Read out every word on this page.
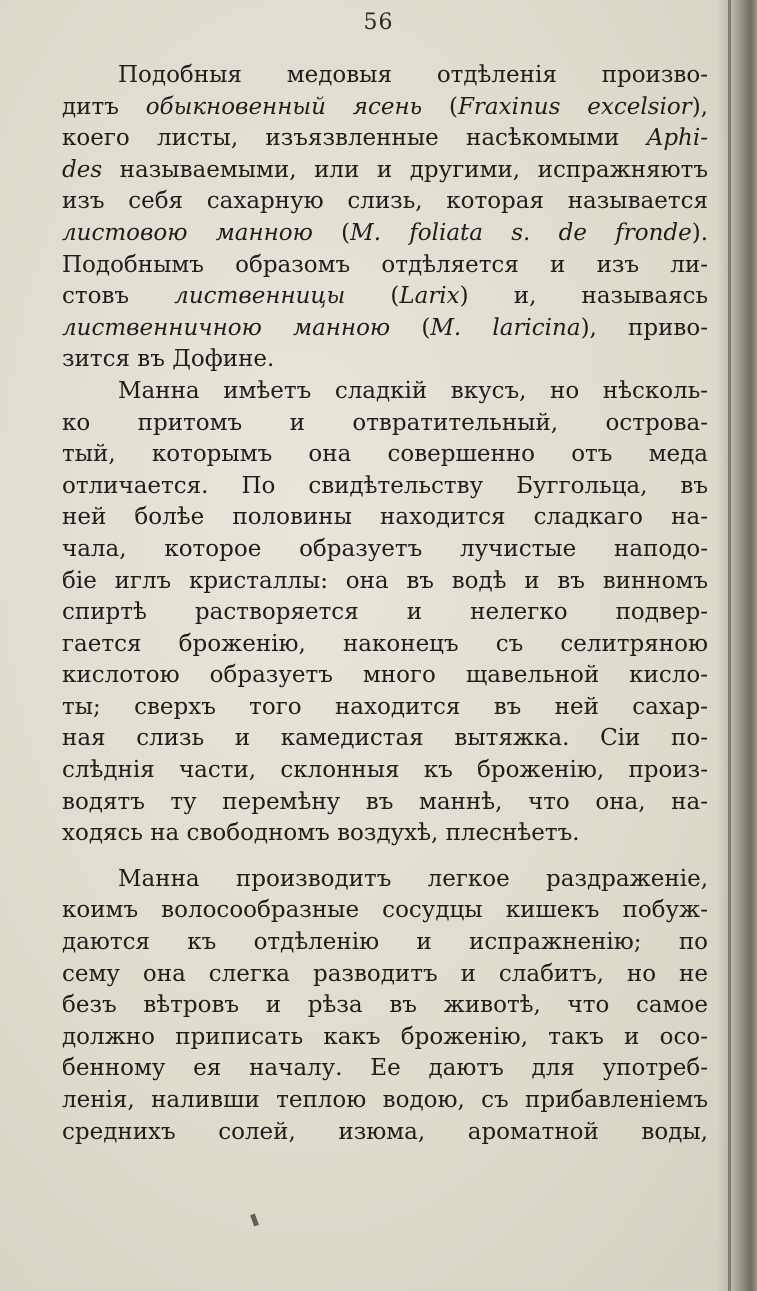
56
Подобныя медовыя отдѣленія произво-
дитъ обыкновенный ясень (Fraxinus excelsior),
коего листы, изъязвленные насѣкомыми Aphi-
des называемыми, или и другими, испражняютъ
изъ себя сахарную слизь, которая называется
листовою манною (M. foliata s. de fronde).
Подобнымъ образомъ отдѣляется и изъ ли-
стовъ лиственницы (Larix) и, называясь
лиственничною манною (M. laricina), приво-
зится въ Дофине.
Манна имѣетъ сладкій вкусъ, но нѣсколь-
ко притомъ и отвратительный, острова-
тый, которымъ она совершенно отъ меда
отличается. По свидѣтельству Буггольца, въ
ней болѣе половины находится сладкаго на-
чала, которое образуетъ лучистые наподо-
біе иглъ кристаллы: она въ водѣ и въ винномъ
спиртѣ растворяется и нелегко подвер-
гается броженію, наконецъ съ селитряною
кислотою образуетъ много щавельной кисло-
ты; сверхъ того находится въ ней сахар-
ная слизь и камедистая вытяжка. Сіи по-
слѣднія части, склонныя къ броженію, произ-
водятъ ту перемѣну въ маннѣ, что она, на-
ходясь на свободномъ воздухѣ, плеснѣетъ.
Манна производитъ легкое раздраженіе,
коимъ волосообразные сосудцы кишекъ побуж-
даются къ отдѣленію и испражненію; по
сему она слегка разводитъ и слабитъ, но не
безъ вѣтровъ и рѣза въ животѣ, что самое
должно приписать какъ броженію, такъ и осо-
бенному ея началу. Ее даютъ для употреб-
ленія, наливши теплою водою, съ прибавленіемъ
среднихъ солей, изюма, ароматной воды,
